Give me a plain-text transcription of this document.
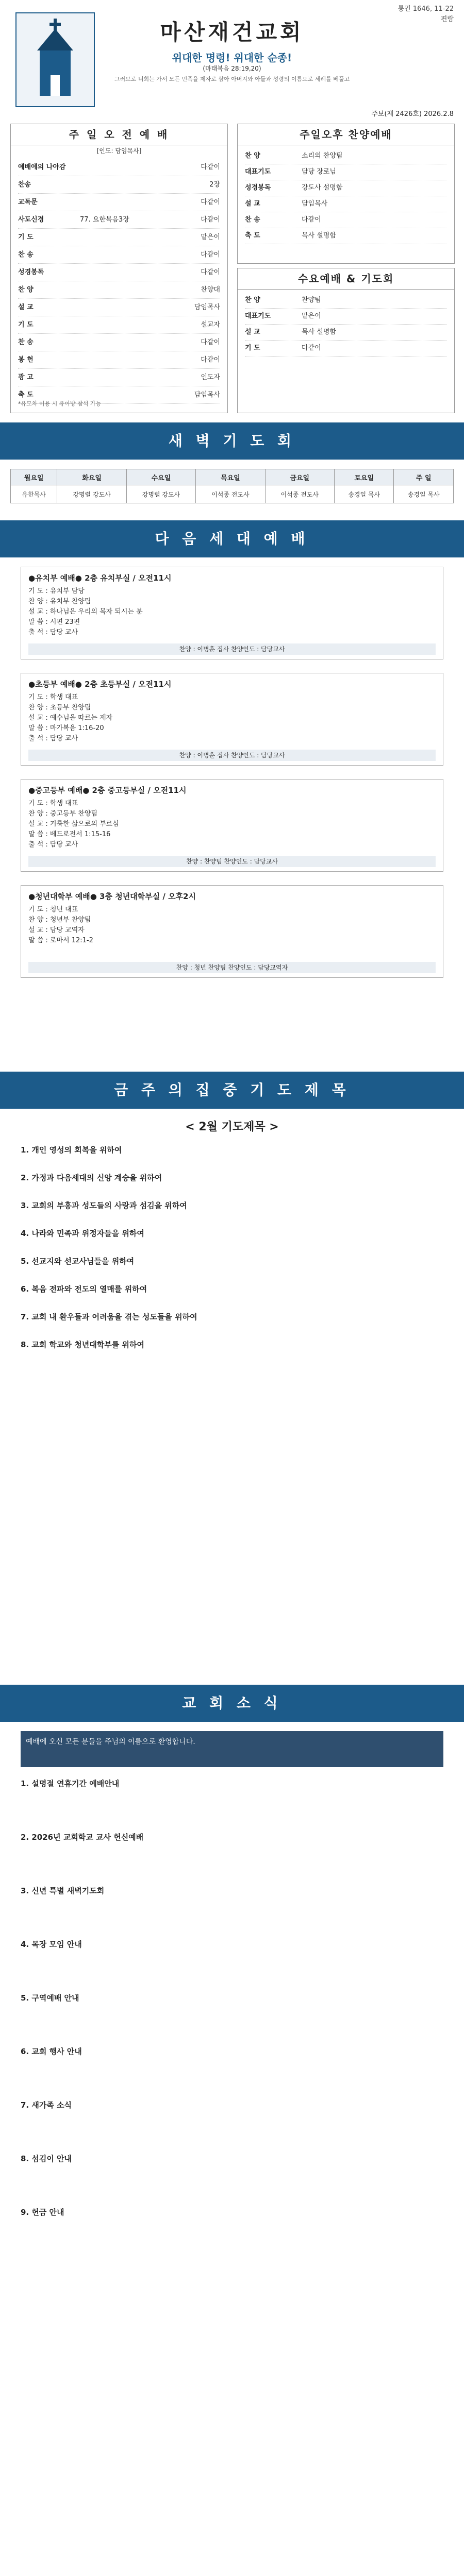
통권 1646, 11-22
편람
마산재건교회
위대한 명령! 위대한 순종!
(마태복음 28:19,20)
그러므로 너희는 가서 모든 민족을 제자로 삼아 아버지와 아들과 성령의 이름으로 세례를 베풀고
주보(제 2426호) 2026.2.8
주 일 오 전 예 배
[인도: 담임목사]
예배에의 나아감	다같이
찬송	2장
교독문	다같이
사도신경	77. 요한복음3장	다같이
기 도	맡은이
찬 송	다같이
성경봉독	다같이
찬 양	찬양대
설 교	담임목사
기 도	설교자
찬 송	다같이
봉 헌	다같이
광 고	인도자
축 도	담임목사
*유모차 이용 시 유아방 참석 가능
주일오후 찬양예배
찬 양	소리의 찬양팀
대표기도	담당 장로님
성경봉독	강도사 설명함
설 교	담임목사
찬 송	다같이
축 도	목사 설명함
수요예배 & 기도회
찬 양	찬양팀
대표기도	맡은이
설 교	목사 설명함
기 도	다같이
새 벽 기 도 회
월요일	화요일	수요일	목요일	금요일	토요일	주 일
유한목사	강명렬 강도사	강명렬 강도사	이석종 전도사	이석종 전도사	송경일 목사	송경일 목사
다 음 세 대 예 배
●유치부 예배● 2층 유치부실 / 오전11시
기 도 : 유치부 담당
찬 양 : 유치부 찬양팀
설 교 : 하나님은 우리의 목자 되시는 분
말 씀 : 시편 23편
출 석 : 담당 교사
찬양 : 이병훈 집사 찬양인도 : 담당교사
●초등부 예배● 2층 초등부실 / 오전11시
기 도 : 학생 대표
찬 양 : 초등부 찬양팀
설 교 : 예수님을 따르는 제자
말 씀 : 마가복음 1:16-20
출 석 : 담당 교사
찬양 : 이병훈 집사 찬양인도 : 담당교사
●중고등부 예배● 2층 중고등부실 / 오전11시
기 도 : 학생 대표
찬 양 : 중고등부 찬양팀
설 교 : 거룩한 삶으로의 부르심
말 씀 : 베드로전서 1:15-16
출 석 : 담당 교사
찬양 : 찬양팀 찬양인도 : 담당교사
●청년대학부 예배● 3층 청년대학부실 / 오후2시
기 도 : 청년 대표
찬 양 : 청년부 찬양팀
설 교 : 담당 교역자
말 씀 : 로마서 12:1-2
찬양 : 청년 찬양팀 찬양인도 : 담당교역자
금 주 의 집 중 기 도 제 목
< 2월 기도제목 >
1. 개인 영성의 회복을 위하여
2. 가정과 다음세대의 신앙 계승을 위하여
3. 교회의 부흥과 성도들의 사랑과 섬김을 위하여
4. 나라와 민족과 위정자들을 위하여
5. 선교지와 선교사님들을 위하여
6. 복음 전파와 전도의 열매를 위하여
7. 교회 내 환우들과 어려움을 겪는 성도들을 위하여
8. 교회 학교와 청년대학부를 위하여
교 회 소 식
예배에 오신 모든 분들을 주님의 이름으로 환영합니다.
1. 설명절 연휴기간 예배안내
2. 2026년 교회학교 교사 헌신예배
3. 신년 특별 새벽기도회
4. 목장 모임 안내
5. 구역예배 안내
6. 교회 행사 안내
7. 새가족 소식
8. 섬김이 안내
9. 헌금 안내
